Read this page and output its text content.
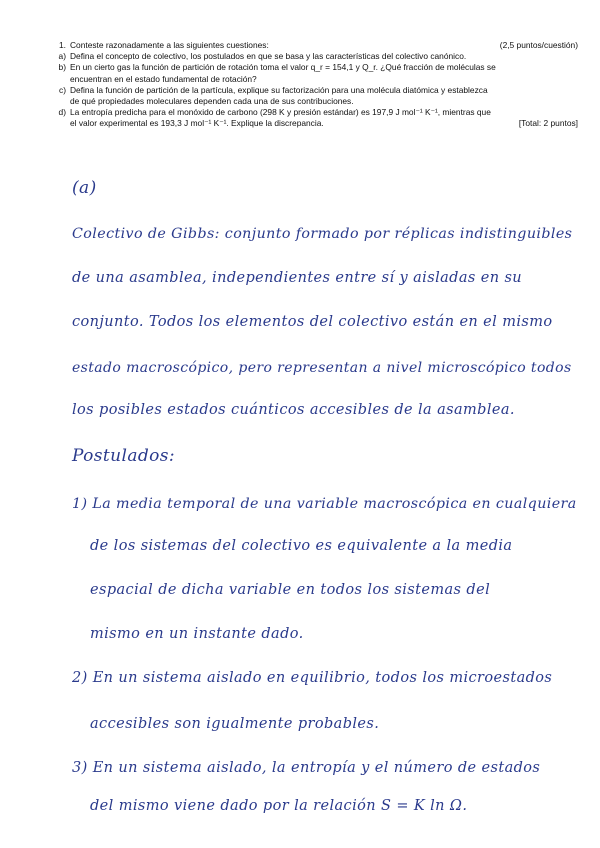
1. Conteste razonadamente a las siguientes cuestiones:	(2,5 puntos/cuestión)
a) Defina el concepto de colectivo, los postulados en que se basa y las características del colectivo canónico.
b) En un cierto gas la función de partición de rotación toma el valor q_r = 154,1 y Q_r. ¿Qué fracción de moléculas se
encuentran en el estado fundamental de rotación?
c) Defina la función de partición de la partícula, explique su factorización para una molécula diatómica y establezca
de qué propiedades moleculares dependen cada una de sus contribuciones.
d) La entropía predicha para el monóxido de carbono (298 K y presión estándar) es 197,9 J mol⁻¹ K⁻¹, mientras que
el valor experimental es 193,3 J mol⁻¹ K⁻¹. Explique la discrepancia.	[Total: 2 puntos]
(a)
Colectivo de Gibbs: conjunto formado por réplicas indistinguibles
de una asamblea, independientes entre sí y aisladas en su
conjunto. Todos los elementos del colectivo están en el mismo
estado macroscópico, pero representan a nivel microscópico todos
los posibles estados cuánticos accesibles de la asamblea.
Postulados:
1) La media temporal de una variable macroscópica en cualquiera
de los sistemas del colectivo es equivalente a la media
espacial de dicha variable en todos los sistemas del
mismo en un instante dado.
2) En un sistema aislado en equilibrio, todos los microestados
accesibles son igualmente probables.
3) En un sistema aislado, la entropía y el número de estados
del mismo viene dado por la relación S = K ln Ω.
